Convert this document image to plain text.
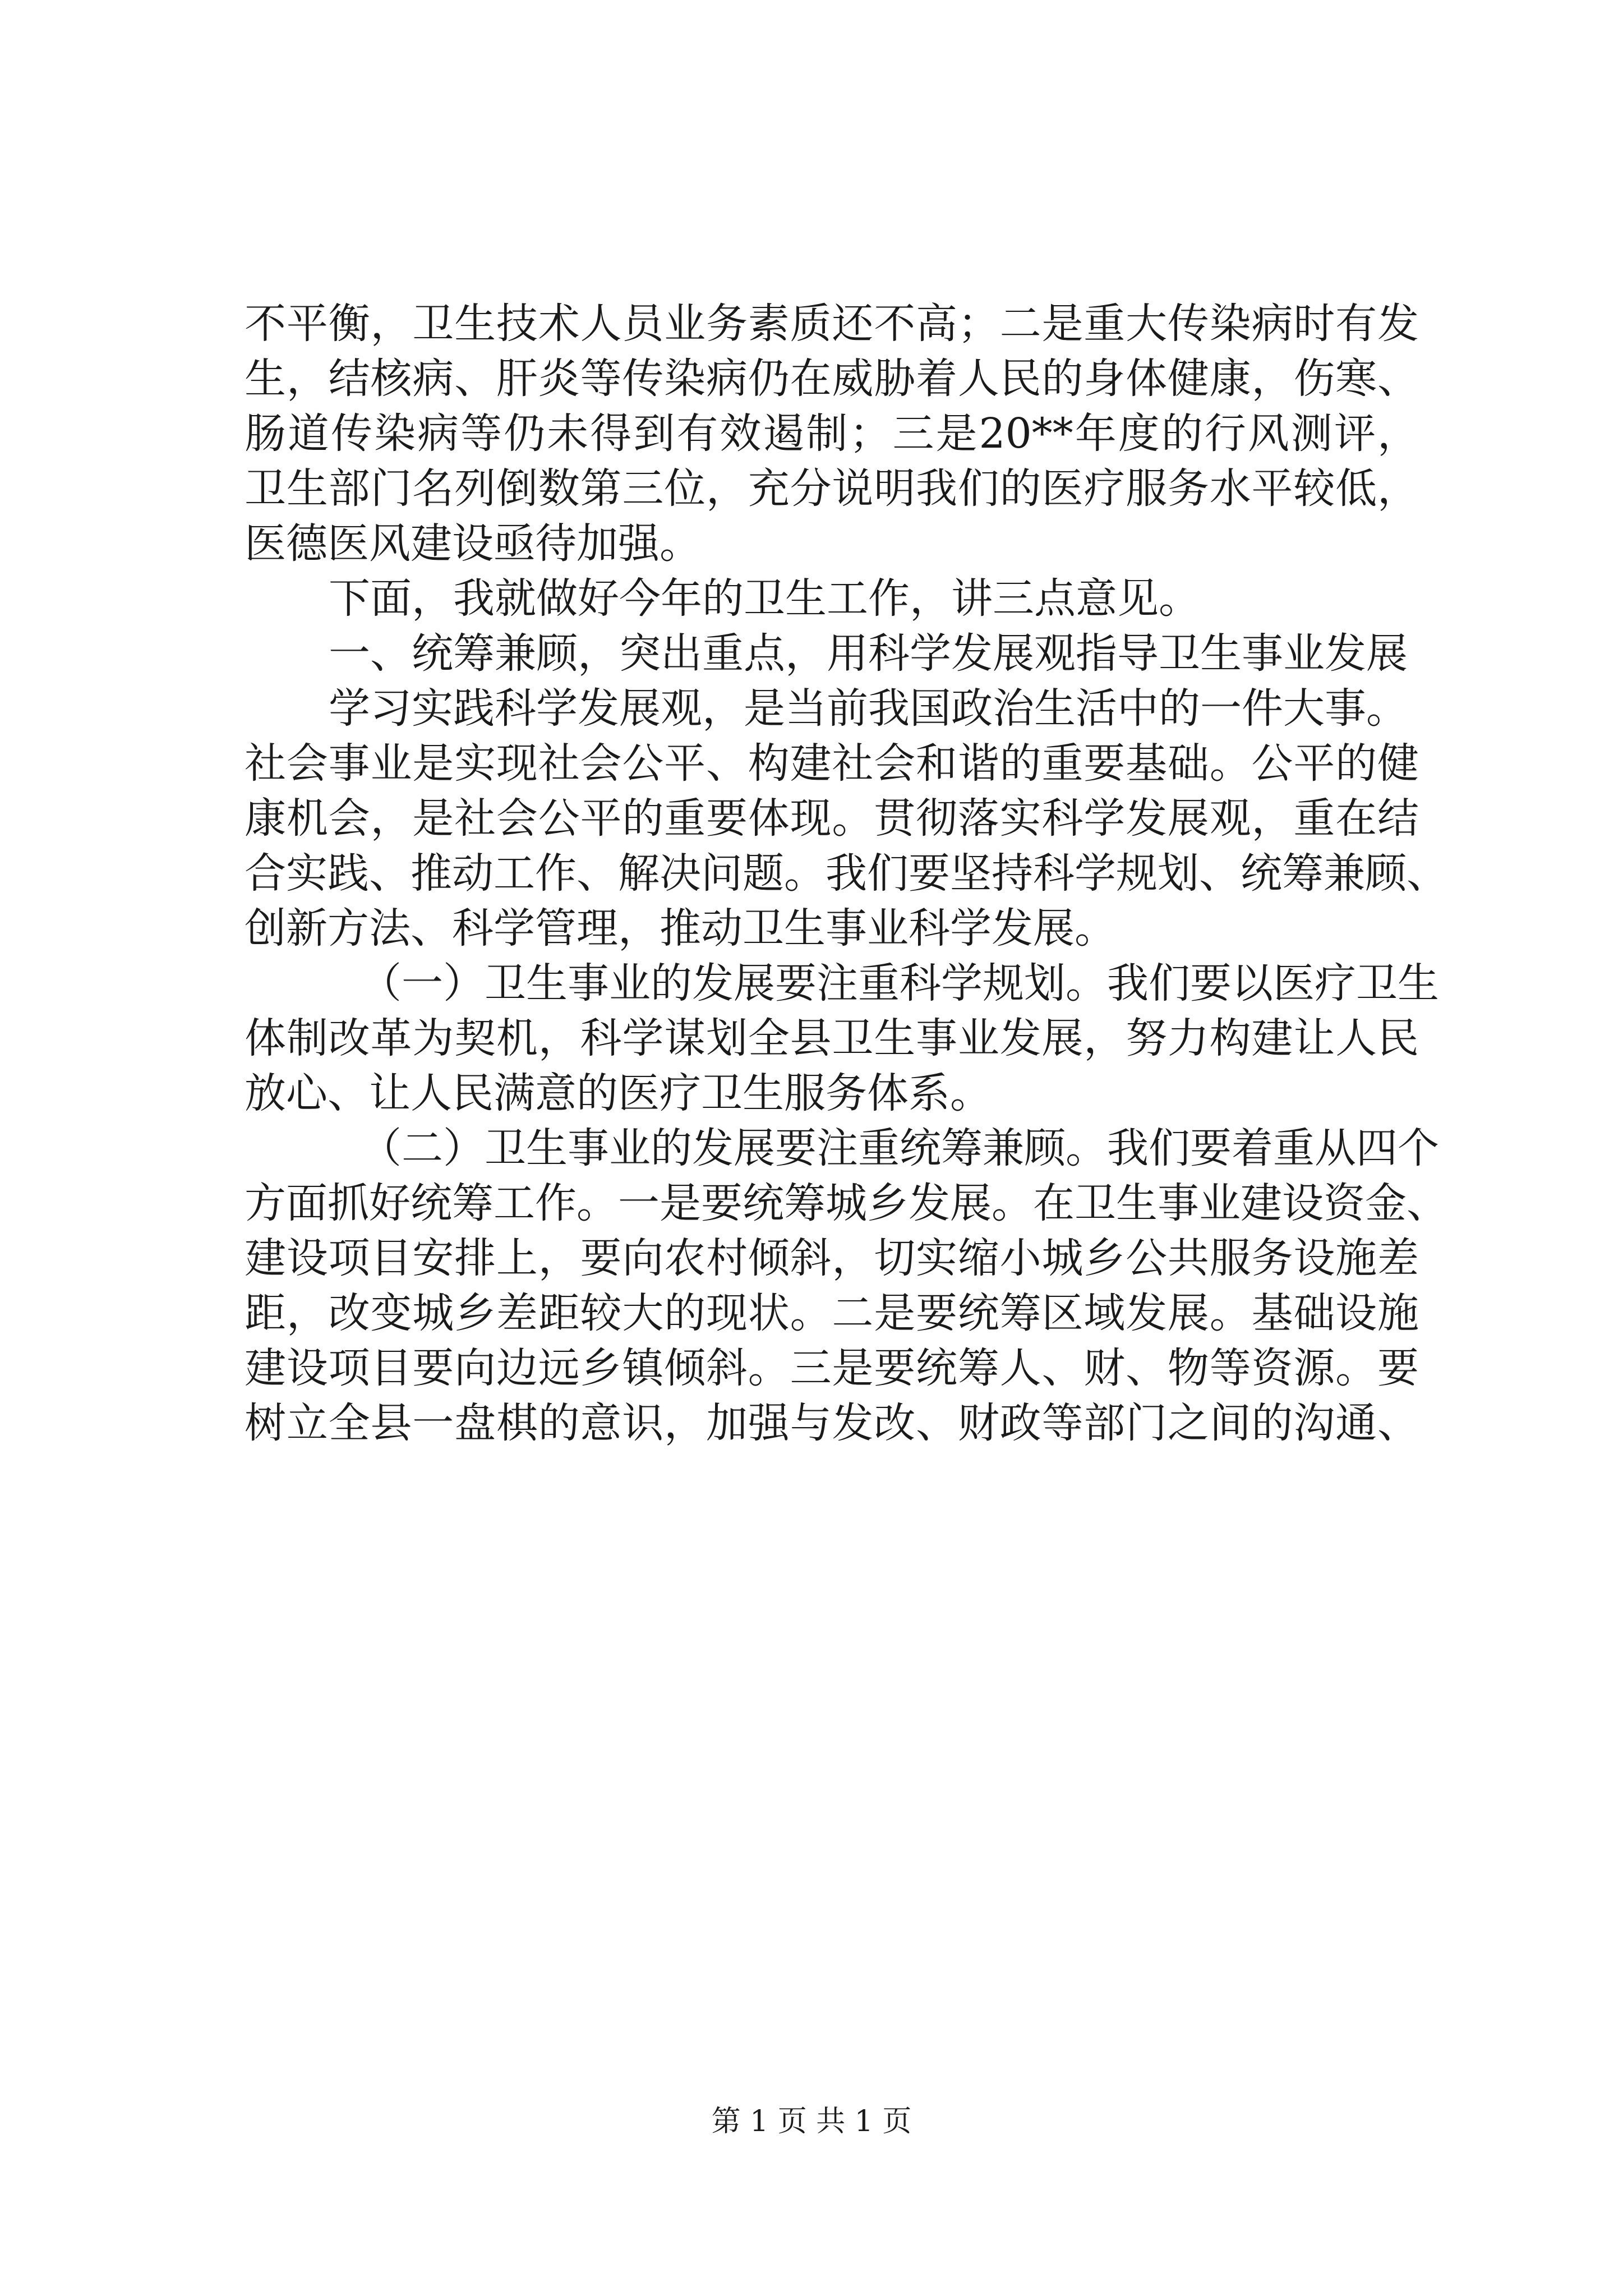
不平衡，卫生技术人员业务素质还不高；二是重大传染病时有发
生，结核病、肝炎等传染病仍在威胁着人民的身体健康，伤寒、
肠道传染病等仍未得到有效遏制；三是20**年度的行风测评，
卫生部门名列倒数第三位，充分说明我们的医疗服务水平较低，
医德医风建设亟待加强。
下面，我就做好今年的卫生工作，讲三点意见。
一、统筹兼顾，突出重点，用科学发展观指导卫生事业发展
学习实践科学发展观，是当前我国政治生活中的一件大事。
社会事业是实现社会公平、构建社会和谐的重要基础。公平的健
康机会，是社会公平的重要体现。贯彻落实科学发展观，重在结
合实践、推动工作、解决问题。我们要坚持科学规划、统筹兼顾、
创新方法、科学管理，推动卫生事业科学发展。
（一）卫生事业的发展要注重科学规划。我们要以医疗卫生
体制改革为契机，科学谋划全县卫生事业发展，努力构建让人民
放心、让人民满意的医疗卫生服务体系。
（二）卫生事业的发展要注重统筹兼顾。我们要着重从四个
方面抓好统筹工作。一是要统筹城乡发展。在卫生事业建设资金、
建设项目安排上，要向农村倾斜，切实缩小城乡公共服务设施差
距，改变城乡差距较大的现状。二是要统筹区域发展。基础设施
建设项目要向边远乡镇倾斜。三是要统筹人、财、物等资源。要
树立全县一盘棋的意识，加强与发改、财政等部门之间的沟通、
第 1 页 共 1 页
